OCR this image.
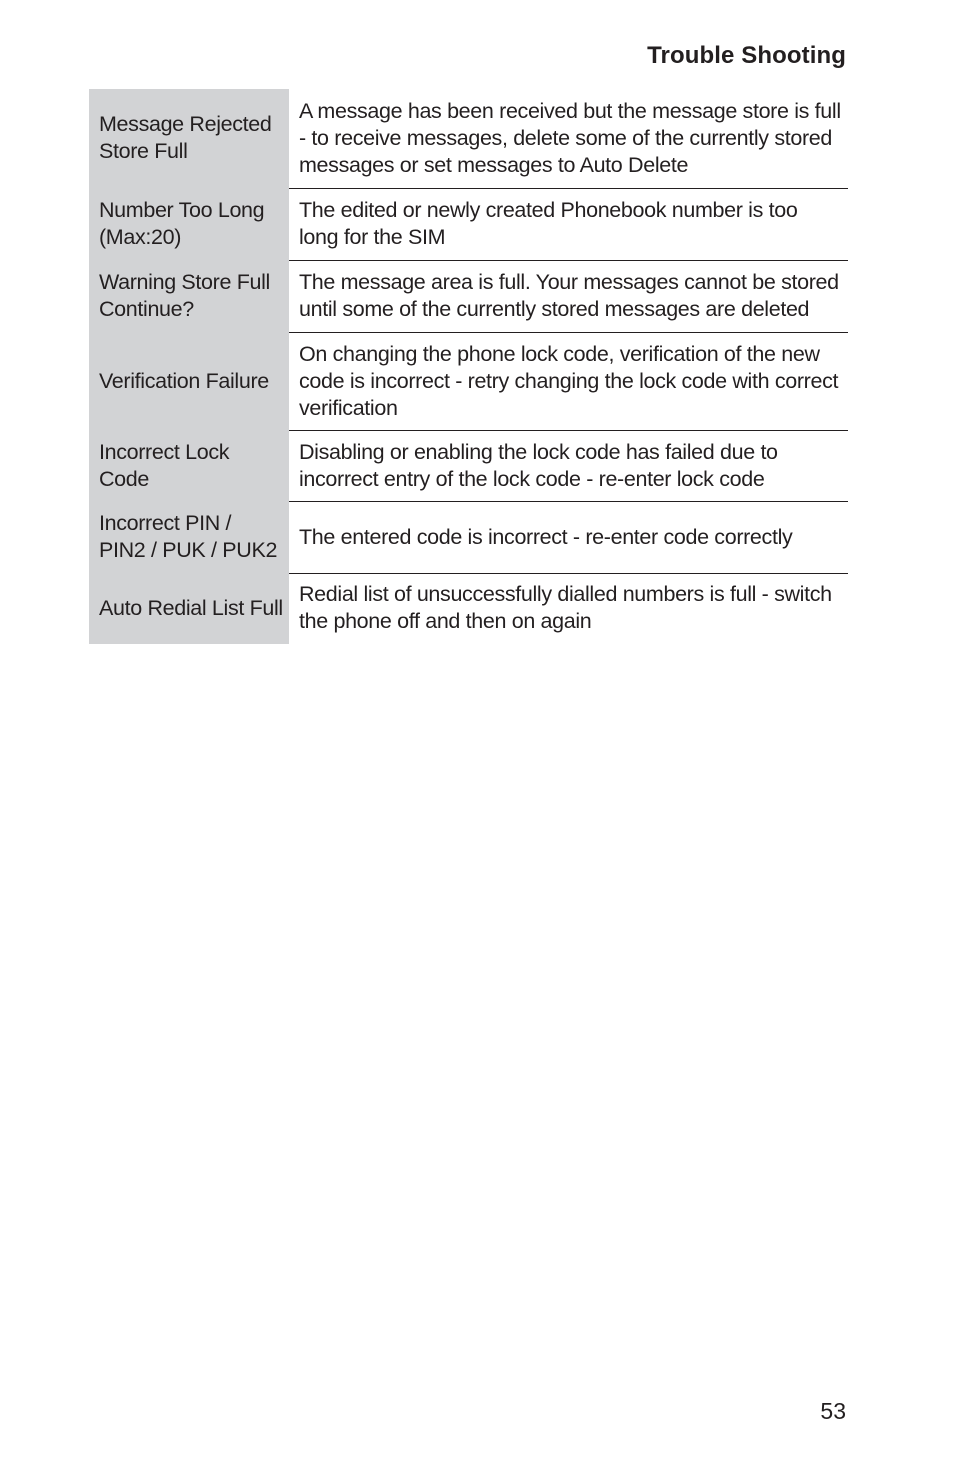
Trouble Shooting
Message Rejected Store Full	A message has been received but the message store is full - to receive messages, delete some of the currently stored messages or set messages to Auto Delete
Number Too Long (Max:20)	The edited or newly created Phonebook number is too long for the SIM
Warning Store Full Continue?	The message area is full. Your messages cannot be stored until some of the currently stored messages are deleted
Verification Failure	On changing the phone lock code, verification of the new code is incorrect - retry changing the lock code with correct verification
Incorrect Lock Code	Disabling or enabling the lock code has failed due to incorrect entry of the lock code - re-enter lock code
Incorrect PIN / PIN2 / PUK / PUK2	The entered code is incorrect - re-enter code correctly
Auto Redial List Full	Redial list of unsuccessfully dialled numbers is full - switch the phone off and then on again
53
